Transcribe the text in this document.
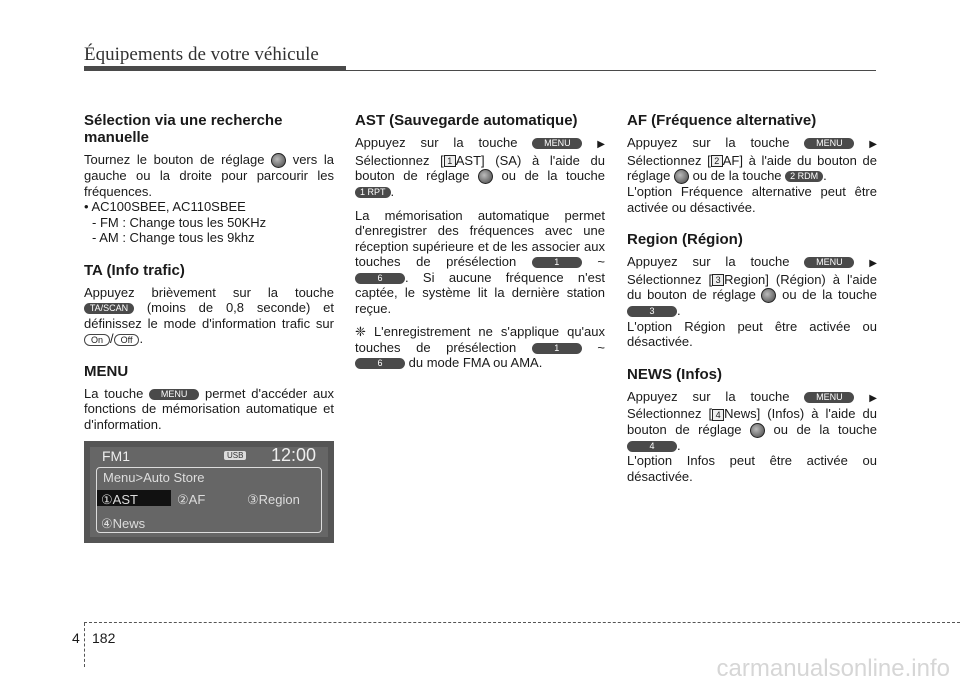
Équipements de votre véhicule
Sélection via une recherche manuelle

Tournez le bouton de réglage vers la gauche ou la droite pour parcourir les fréquences.

• AC100SBEE, AC110SBEE
- FM : Change tous les 50KHz
- AM : Change tous les 9khz
TA (Info trafic)

Appuyez brièvement sur la touche TA/SCAN (moins de 0,8 seconde) et définissez le mode d'information trafic sur On / Off .

MENU

La touche MENU permet d'accéder aux fonctions de mémorisation automatique et d'information.

FM1	USB 12:00
Menu>Auto Store
①AST	②AF	③Region
④News
AST (Sauvegarde automatique)

Appuyez sur la touche	MENU	▶ Sélectionnez [ 1 AST] (SA) à l'aide du bouton de réglage ou de la touche 1 RPT .

La mémorisation automatique permet d'enregistrer des fréquences avec une réception supérieure et de les associer aux touches de présélection	1 ~ 6 . Si aucune fréquence n'est captée, le système lit la dernière station reçue.

❈ L'enregistrement ne s'applique qu'aux touches de présélection	1 ~ 6 du mode FMA ou AMA.

AF (Fréquence alternative)

Appuyez sur la touche	MENU	▶ Sélectionnez [ 2 AF] à l'aide du bouton de réglage ou de la touche 2 RDM .

L'option Fréquence alternative peut être activée ou désactivée.

Region (Région)

Appuyez sur la touche	MENU	▶ Sélectionnez [ 3 Region] (Région) à l'aide du bouton de réglage ou de la touche 3 .

L'option Région peut être activée ou désactivée.

NEWS (Infos)

Appuyez sur la touche	MENU	▶ Sélectionnez [ 4 News] (Infos) à l'aide du bouton de réglage ou de la touche 4 .

L'option Infos peut être activée ou désactivée.

4 182
carmanualsonline.info
